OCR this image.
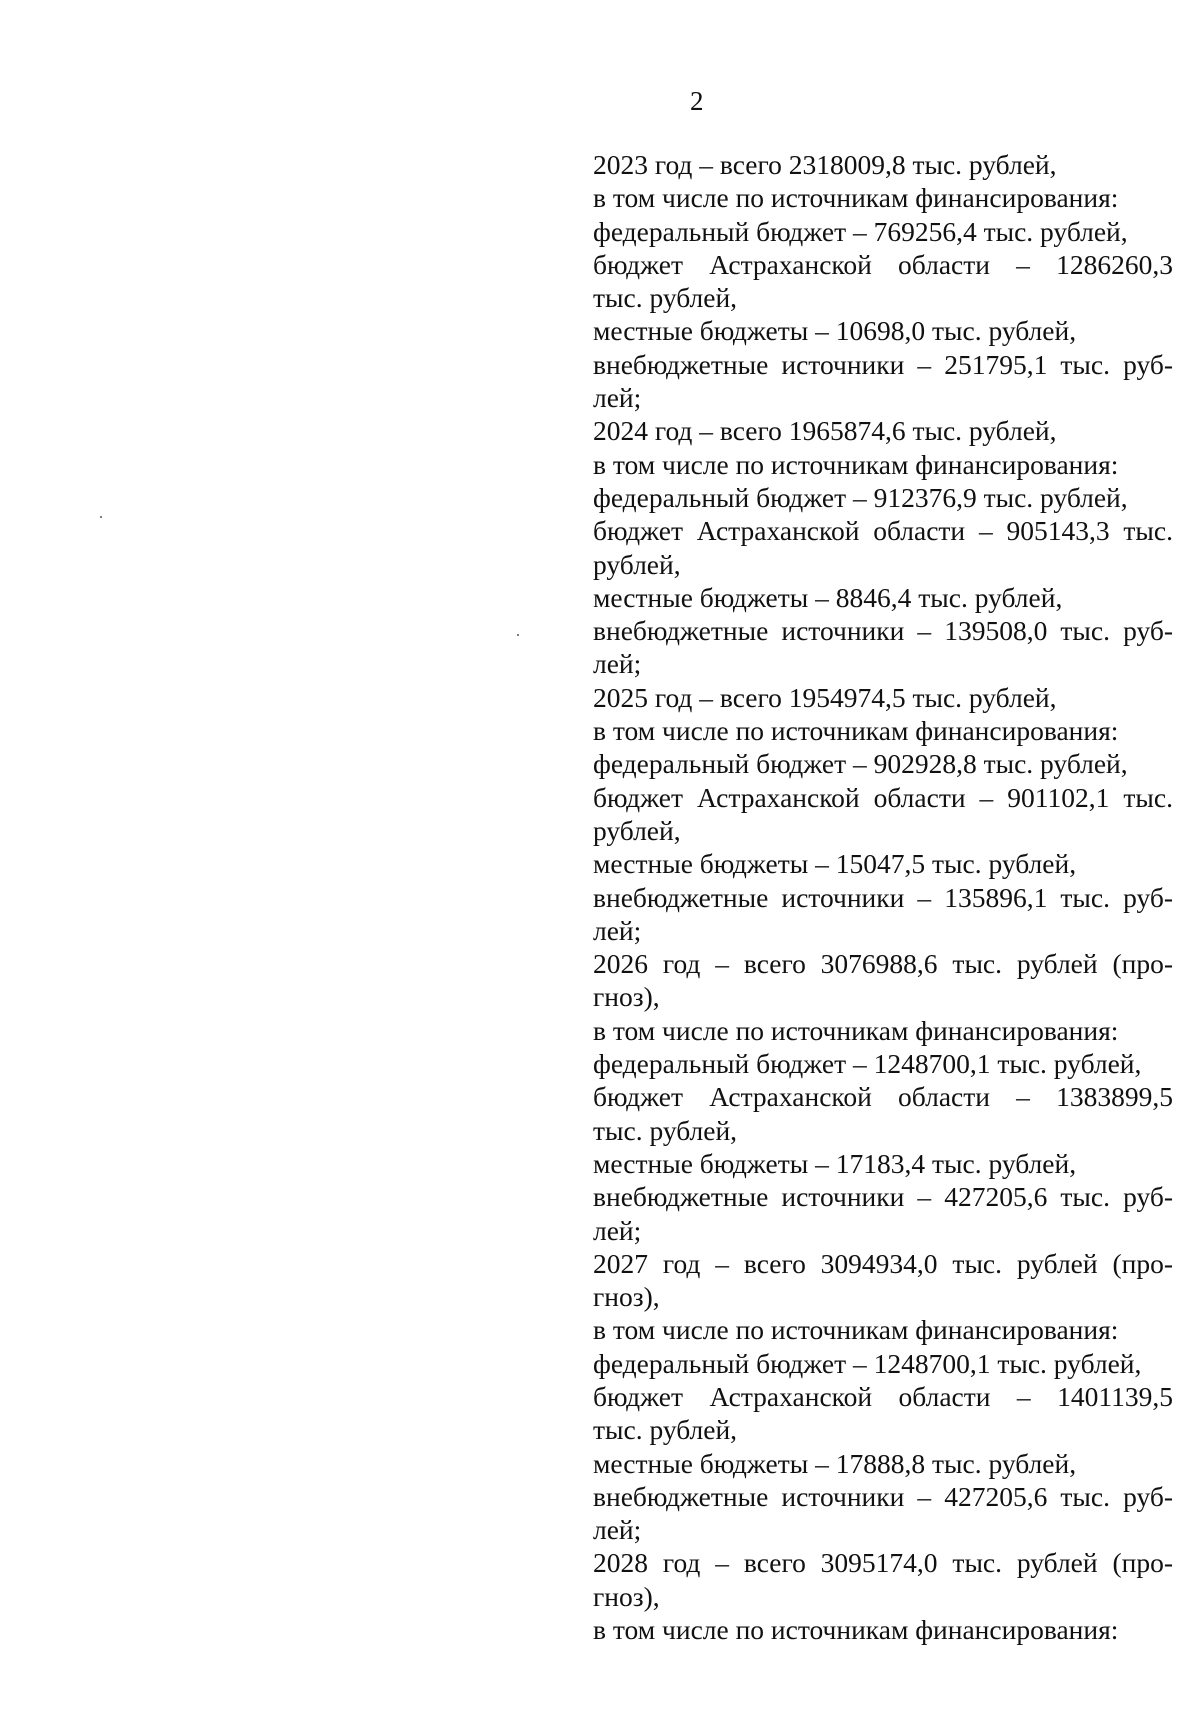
2
2023 год – всего 2318009,8 тыс. рублей,
в том числе по источникам финансирования:
федеральный бюджет – 769256,4 тыс. рублей,
бюджет Астраханской области – 1286260,3
тыс. рублей,
местные бюджеты – 10698,0 тыс. рублей,
внебюджетные источники – 251795,1 тыс. руб-
лей;
2024 год – всего 1965874,6 тыс. рублей,
в том числе по источникам финансирования:
федеральный бюджет – 912376,9 тыс. рублей,
бюджет Астраханской области – 905143,3 тыс.
рублей,
местные бюджеты – 8846,4 тыс. рублей,
внебюджетные источники – 139508,0 тыс. руб-
лей;
2025 год – всего 1954974,5 тыс. рублей,
в том числе по источникам финансирования:
федеральный бюджет – 902928,8 тыс. рублей,
бюджет Астраханской области – 901102,1 тыс.
рублей,
местные бюджеты – 15047,5 тыс. рублей,
внебюджетные источники – 135896,1 тыс. руб-
лей;
2026 год – всего 3076988,6 тыс. рублей (про-
гноз),
в том числе по источникам финансирования:
федеральный бюджет – 1248700,1 тыс. рублей,
бюджет Астраханской области – 1383899,5
тыс. рублей,
местные бюджеты – 17183,4 тыс. рублей,
внебюджетные источники – 427205,6 тыс. руб-
лей;
2027 год – всего 3094934,0 тыс. рублей (про-
гноз),
в том числе по источникам финансирования:
федеральный бюджет – 1248700,1 тыс. рублей,
бюджет Астраханской области – 1401139,5
тыс. рублей,
местные бюджеты – 17888,8 тыс. рублей,
внебюджетные источники – 427205,6 тыс. руб-
лей;
2028 год – всего 3095174,0 тыс. рублей (про-
гноз),
в том числе по источникам финансирования:
